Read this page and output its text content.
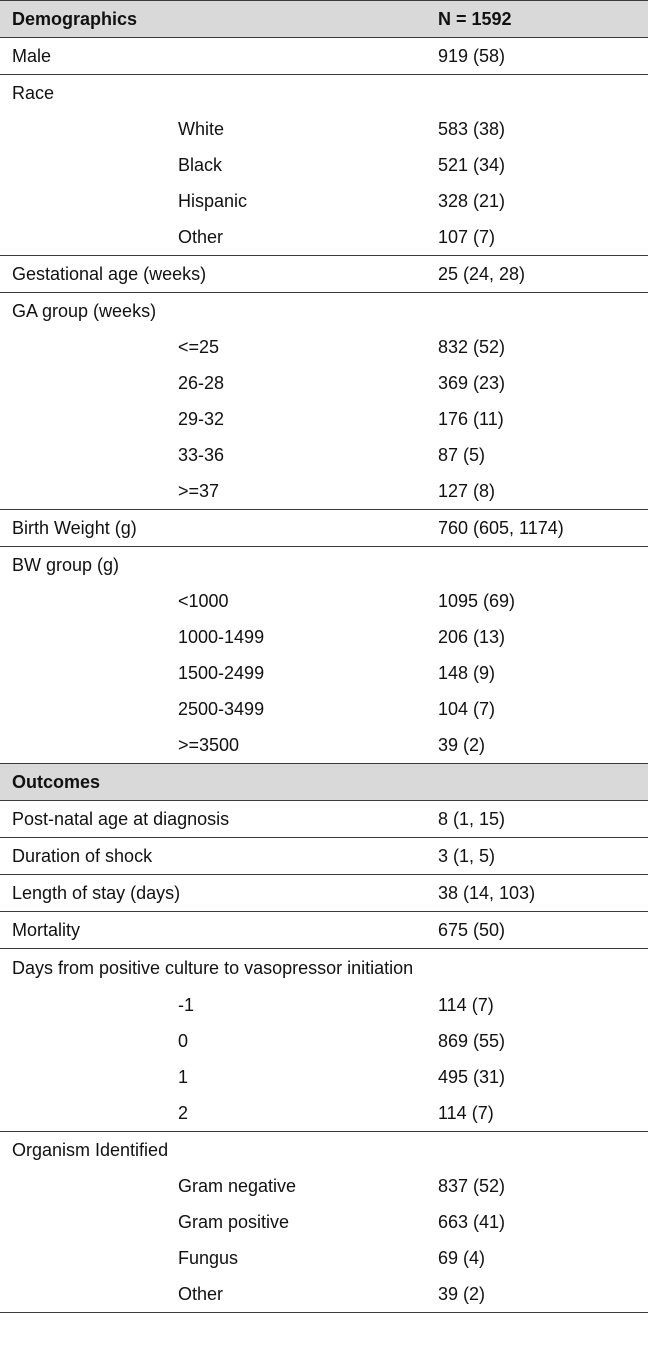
Demographics	N = 1592
Male	919 (58)
Race
White	583 (38)
Black	521 (34)
Hispanic	328 (21)
Other	107 (7)
Gestational age (weeks)	25 (24, 28)
GA group (weeks)
<=25	832 (52)
26-28	369 (23)
29-32	176 (11)
33-36	87 (5)
>=37	127 (8)
Birth Weight (g)	760 (605, 1174)
BW group (g)
<1000	1095 (69)
1000-1499	206 (13)
1500-2499	148 (9)
2500-3499	104 (7)
>=3500	39 (2)
Outcomes
Post-natal age at diagnosis	8 (1, 15)
Duration of shock	3 (1, 5)
Length of stay (days)	38 (14, 103)
Mortality	675 (50)
Days from positive culture to vasopressor initiation
-1	114 (7)
0	869 (55)
1	495 (31)
2	114 (7)
Organism Identified
Gram negative	837 (52)
Gram positive	663 (41)
Fungus	69 (4)
Other	39 (2)
